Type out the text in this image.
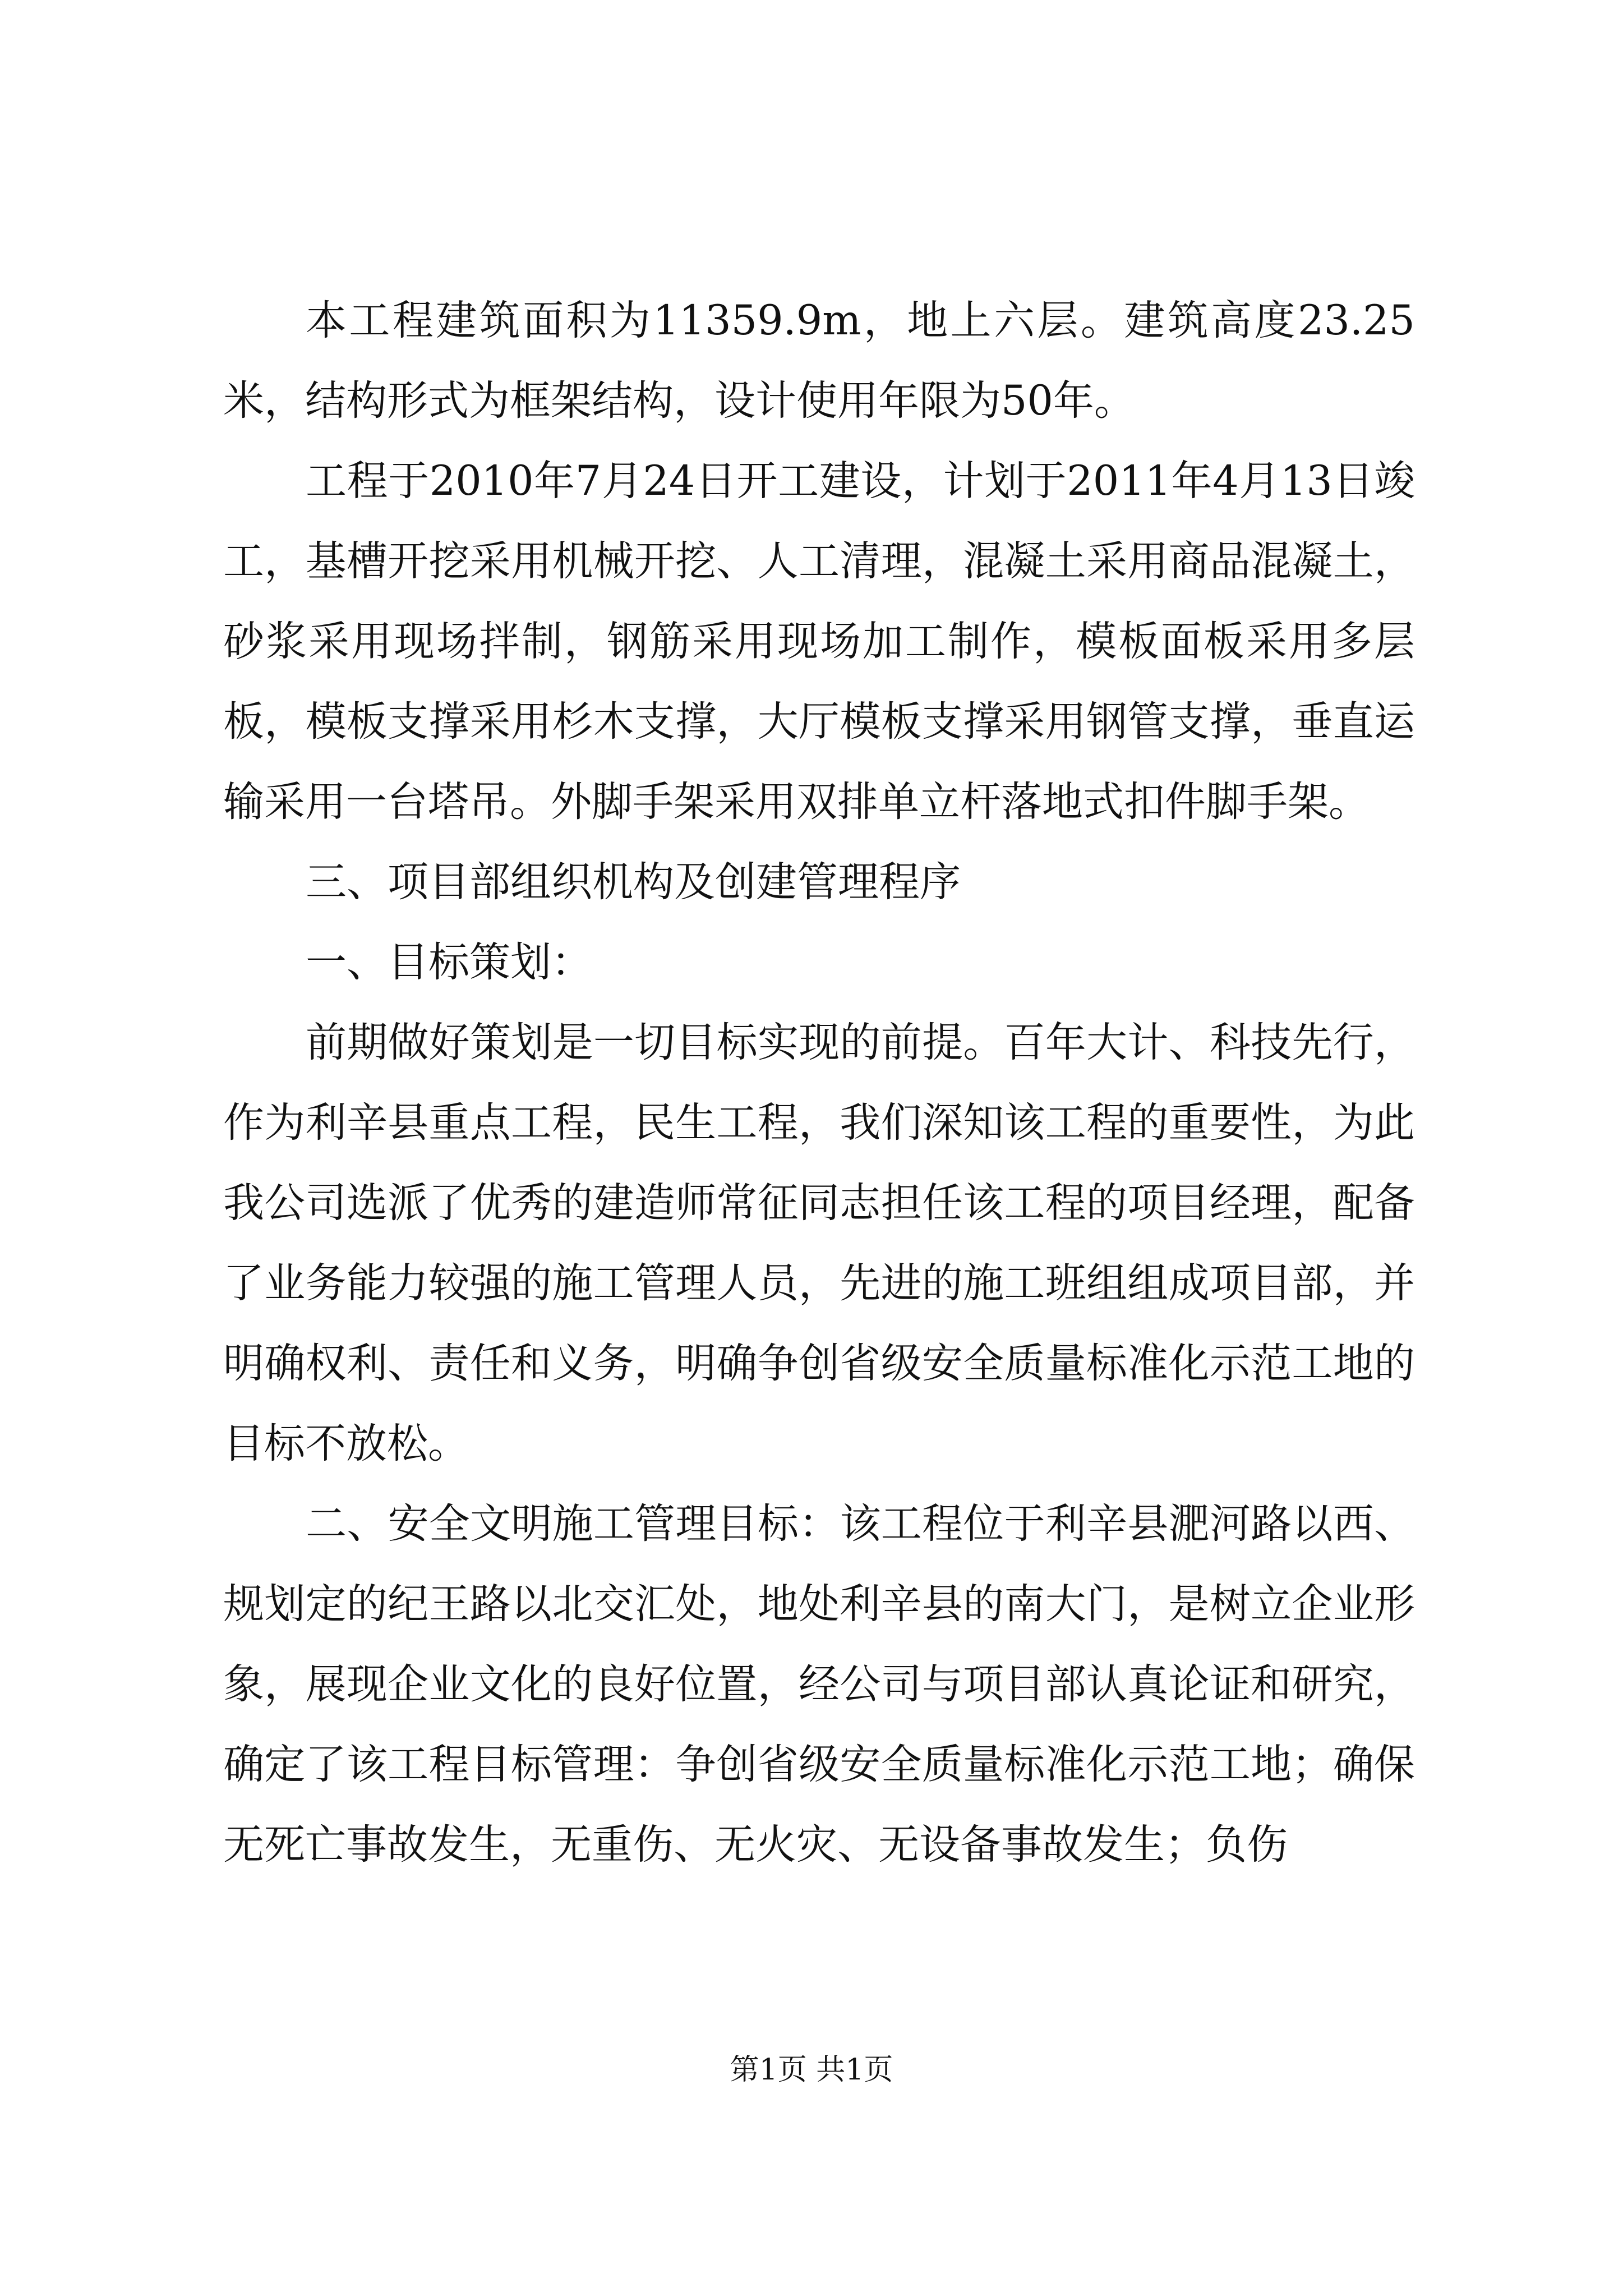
本工程建筑面积为11359.9m，地上六层。建筑高度23.25米，结构形式为框架结构，设计使用年限为50年。

工程于2010年7月24日开工建设，计划于2011年4月13日竣工，基槽开挖采用机械开挖、人工清理，混凝土采用商品混凝土，砂浆采用现场拌制，钢筋采用现场加工制作，模板面板采用多层板，模板支撑采用杉木支撑，大厅模板支撑采用钢管支撑，垂直运输采用一台塔吊。外脚手架采用双排单立杆落地式扣件脚手架。

三、项目部组织机构及创建管理程序

一、目标策划：

前期做好策划是一切目标实现的前提。百年大计、科技先行，作为利辛县重点工程，民生工程，我们深知该工程的重要性，为此我公司选派了优秀的建造师常征同志担任该工程的项目经理，配备了业务能力较强的施工管理人员，先进的施工班组组成项目部，并明确权利、责任和义务，明确争创省级安全质量标准化示范工地的目标不放松。

二、安全文明施工管理目标：该工程位于利辛县淝河路以西、规划定的纪王路以北交汇处，地处利辛县的南大门，是树立企业形象，展现企业文化的良好位置，经公司与项目部认真论证和研究，确定了该工程目标管理：争创省级安全质量标准化示范工地；确保无死亡事故发生，无重伤、无火灾、无设备事故发生；负伤

第1页 共1页
